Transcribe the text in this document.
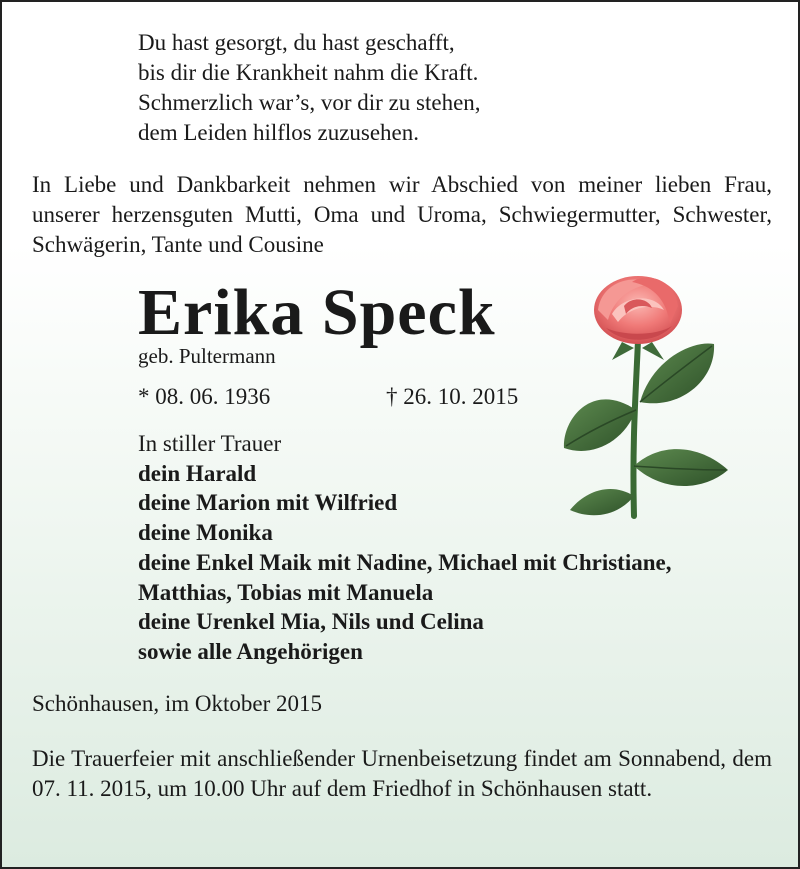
Du hast gesorgt, du hast geschafft,
bis dir die Krankheit nahm die Kraft.
Schmerzlich war’s, vor dir zu stehen,
dem Leiden hilflos zuzusehen.
In Liebe und Dankbarkeit nehmen wir Abschied von meiner lieben Frau, unserer herzensguten Mutti, Oma und Uroma, Schwiegermutter, Schwester, Schwägerin, Tante und Cousine
Erika Speck
geb. Pultermann
* 08. 06. 1936	† 26. 10. 2015
In stiller Trauer
dein Harald
deine Marion mit Wilfried
deine Monika
deine Enkel Maik mit Nadine, Michael mit Christiane,
Matthias, Tobias mit Manuela
deine Urenkel Mia, Nils und Celina
sowie alle Angehörigen
Schönhausen, im Oktober 2015
Die Trauerfeier mit anschließender Urnenbeisetzung findet am Sonnabend, dem 07. 11. 2015, um 10.00 Uhr auf dem Friedhof in Schönhausen statt.
